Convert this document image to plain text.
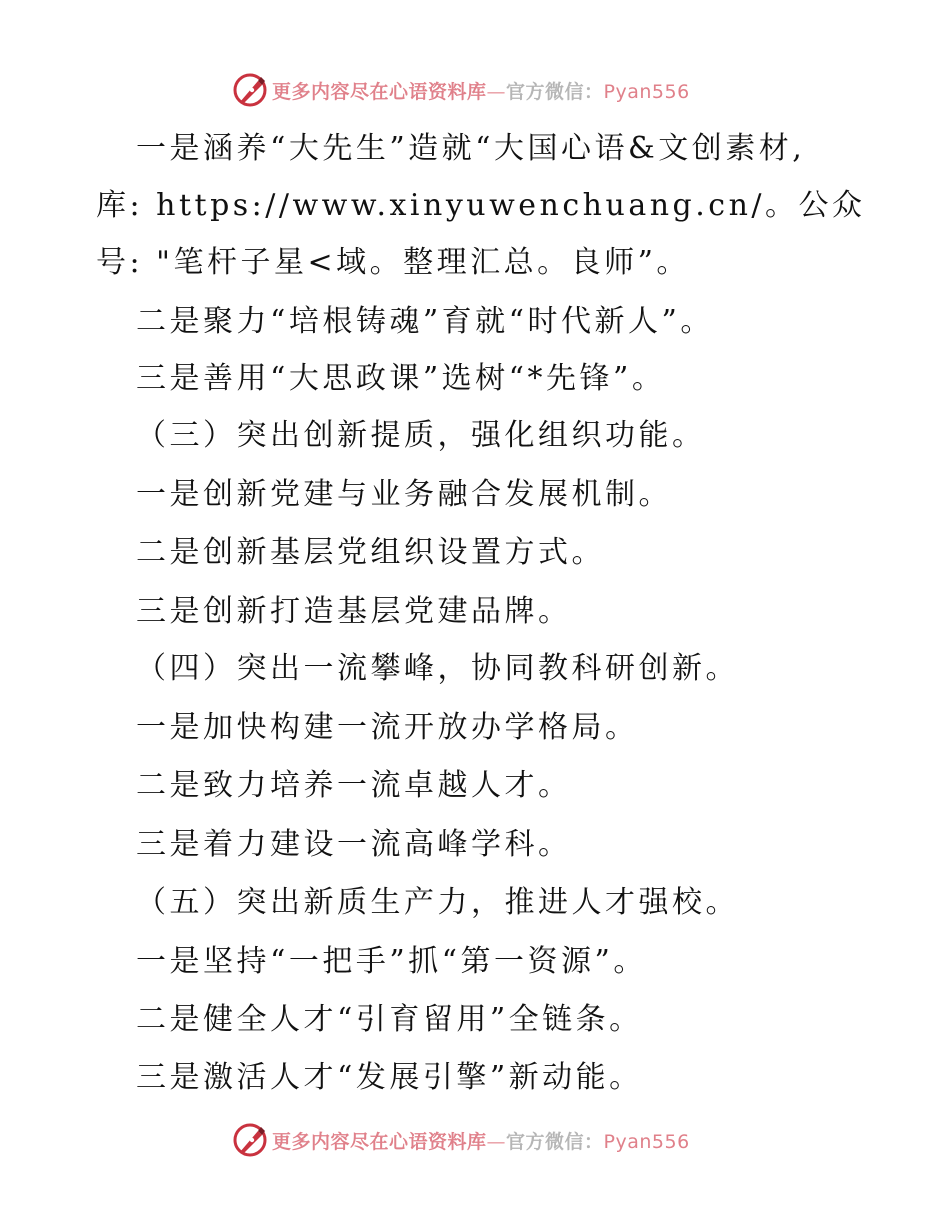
更多内容尽在心语资料库—官方微信：Pyan556
一是涵养“大先生”造就“大国心语&文创素材,
库: https://www.xinyuwenchuang.cn/。公众
号: "笔杆子星<域。整理汇总。良师”。
二是聚力“培根铸魂”育就“时代新人”。
三是善用“大思政课”选树“*先锋”。
（三）突出创新提质，强化组织功能。
一是创新党建与业务融合发展机制。
二是创新基层党组织设置方式。
三是创新打造基层党建品牌。
（四）突出一流攀峰，协同教科研创新。
一是加快构建一流开放办学格局。
二是致力培养一流卓越人才。
三是着力建设一流高峰学科。
（五）突出新质生产力，推进人才强校。
一是坚持“一把手”抓“第一资源”。
二是健全人才“引育留用”全链条。
三是激活人才“发展引擎”新动能。
更多内容尽在心语资料库—官方微信：Pyan556
